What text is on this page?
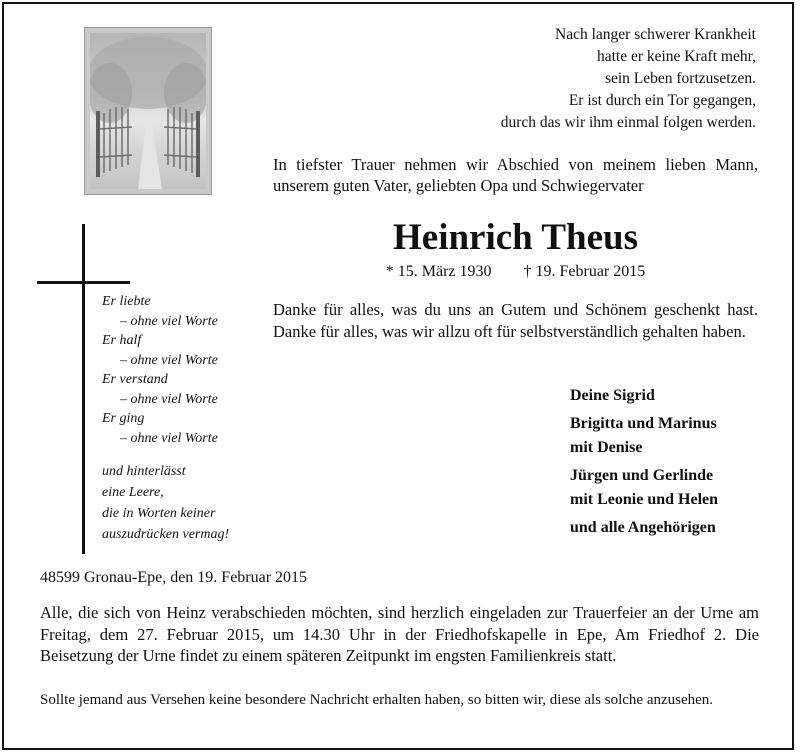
Nach langer schwerer Krankheit
hatte er keine Kraft mehr,
sein Leben fortzusetzen.
Er ist durch ein Tor gegangen,
durch das wir ihm einmal folgen werden.
In tiefster Trauer nehmen wir Abschied von meinem lieben Mann, unserem guten Vater, geliebten Opa und Schwiegervater
Heinrich Theus
* 15. März 1930 † 19. Februar 2015
Danke für alles, was du uns an Gutem und Schönem geschenkt hast. Danke für alles, was wir allzu oft für selbstverständlich gehalten haben.
Deine Sigrid
Brigitta und Marinus
mit Denise
Jürgen und Gerlinde
mit Leonie und Helen
und alle Angehörigen
Er liebte
– ohne viel Worte
Er half
– ohne viel Worte
Er verstand
– ohne viel Worte
Er ging
– ohne viel Worte
und hinterlässt
eine Leere,
die in Worten keiner
auszudrücken vermag!
48599 Gronau-Epe, den 19. Februar 2015
Alle, die sich von Heinz verabschieden möchten, sind herzlich eingeladen zur Trauerfeier an der Urne am Freitag, dem 27. Februar 2015, um 14.30 Uhr in der Friedhofskapelle in Epe, Am Friedhof 2. Die Beisetzung der Urne findet zu einem späteren Zeitpunkt im engsten Familienkreis statt.
Sollte jemand aus Versehen keine besondere Nachricht erhalten haben, so bitten wir, diese als solche anzusehen.
